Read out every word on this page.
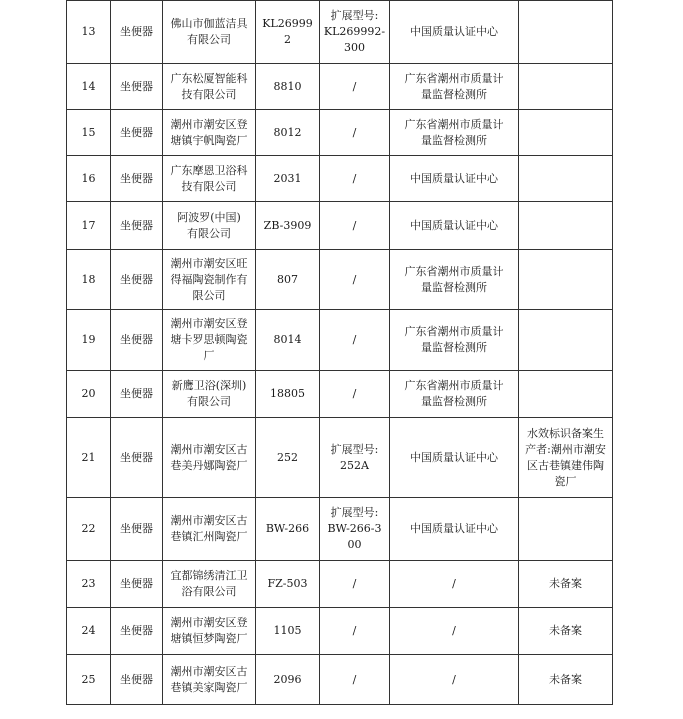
13	坐便器	佛山市伽蓝洁具
有限公司	KL26999
2	扩展型号:
KL269992-
300	中国质量认证中心	
14	坐便器	广东松厦智能科
技有限公司	8810	/	广东省潮州市质量计
量监督检测所	
15	坐便器	潮州市潮安区登
塘镇宇帆陶瓷厂	8012	/	广东省潮州市质量计
量监督检测所	
16	坐便器	广东摩恩卫浴科
技有限公司	2031	/	中国质量认证中心	
17	坐便器	阿波罗(中国)
有限公司	ZB-3909	/	中国质量认证中心	
18	坐便器	潮州市潮安区旺
得福陶瓷制作有
限公司	807	/	广东省潮州市质量计
量监督检测所	
19	坐便器	潮州市潮安区登
塘卡罗思顿陶瓷
厂	8014	/	广东省潮州市质量计
量监督检测所	
20	坐便器	新鹰卫浴(深圳)
有限公司	18805	/	广东省潮州市质量计
量监督检测所	
21	坐便器	潮州市潮安区古
巷美丹娜陶瓷厂	252	扩展型号:
252A	中国质量认证中心	水效标识备案生
产者:潮州市潮安
区古巷镇建伟陶
瓷厂
22	坐便器	潮州市潮安区古
巷镇汇州陶瓷厂	BW-266	扩展型号:
BW-266-3
00	中国质量认证中心	
23	坐便器	宜都锦绣清江卫
浴有限公司	FZ-503	/	/	未备案
24	坐便器	潮州市潮安区登
塘镇恒梦陶瓷厂	1105	/	/	未备案
25	坐便器	潮州市潮安区古
巷镇美家陶瓷厂	2096	/	/	未备案
